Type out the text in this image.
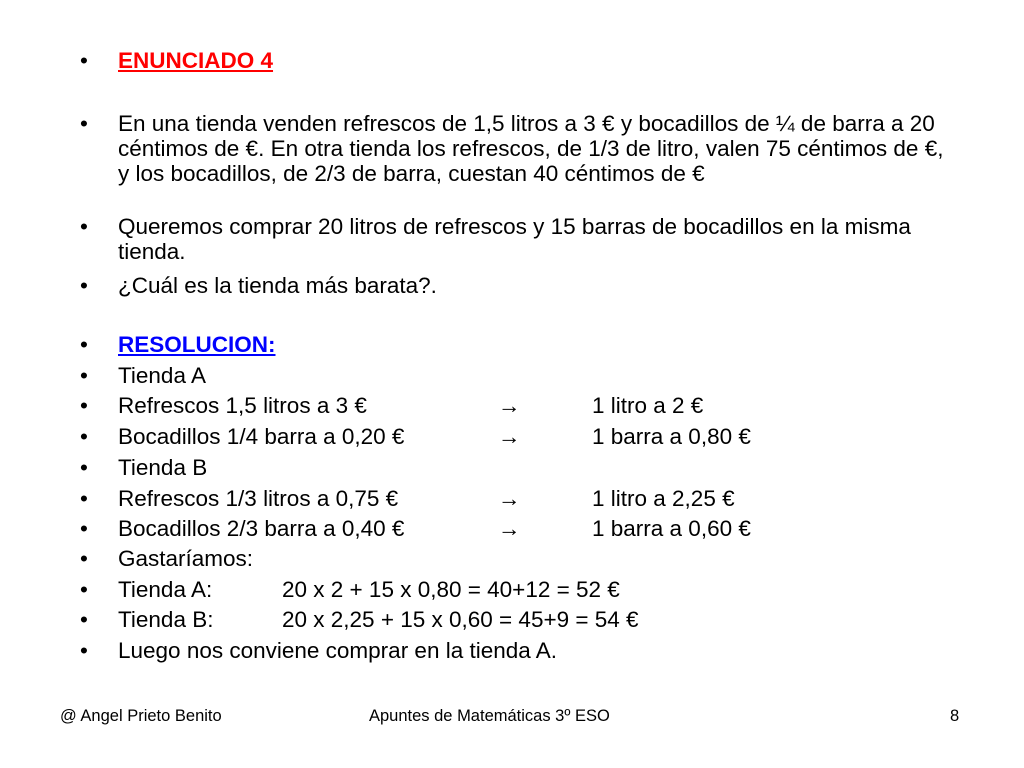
•	ENUNCIADO 4
•	En una tienda venden refrescos de 1,5 litros a 3 € y bocadillos de ¼ de barra a 20 céntimos de €. En otra tienda los refrescos, de 1/3 de litro, valen 75 céntimos de €, y los bocadillos, de 2/3 de barra, cuestan 40 céntimos de €
•	Queremos comprar 20 litros de refrescos y 15 barras de bocadillos en la misma tienda.
•	¿Cuál es la tienda más barata?.
•	RESOLUCION:
•	Tienda A
•	Refrescos 1,5 litros a 3 €	→	1 litro a 2 €
•	Bocadillos 1/4 barra a 0,20 €	→	1 barra a 0,80 €
•	Tienda B
•	Refrescos 1/3 litros a 0,75 €	→	1 litro a 2,25 €
•	Bocadillos 2/3 barra a 0,40 €	→	1 barra a 0,60 €
•	Gastaríamos:
•	Tienda A:	20 x 2 + 15 x 0,80 = 40+12 = 52 €
•	Tienda B:	20 x 2,25 + 15 x 0,60 = 45+9 = 54 €
•	Luego nos conviene comprar en la tienda A.
@ Angel Prieto Benito	Apuntes de Matemáticas 3º ESO	8
